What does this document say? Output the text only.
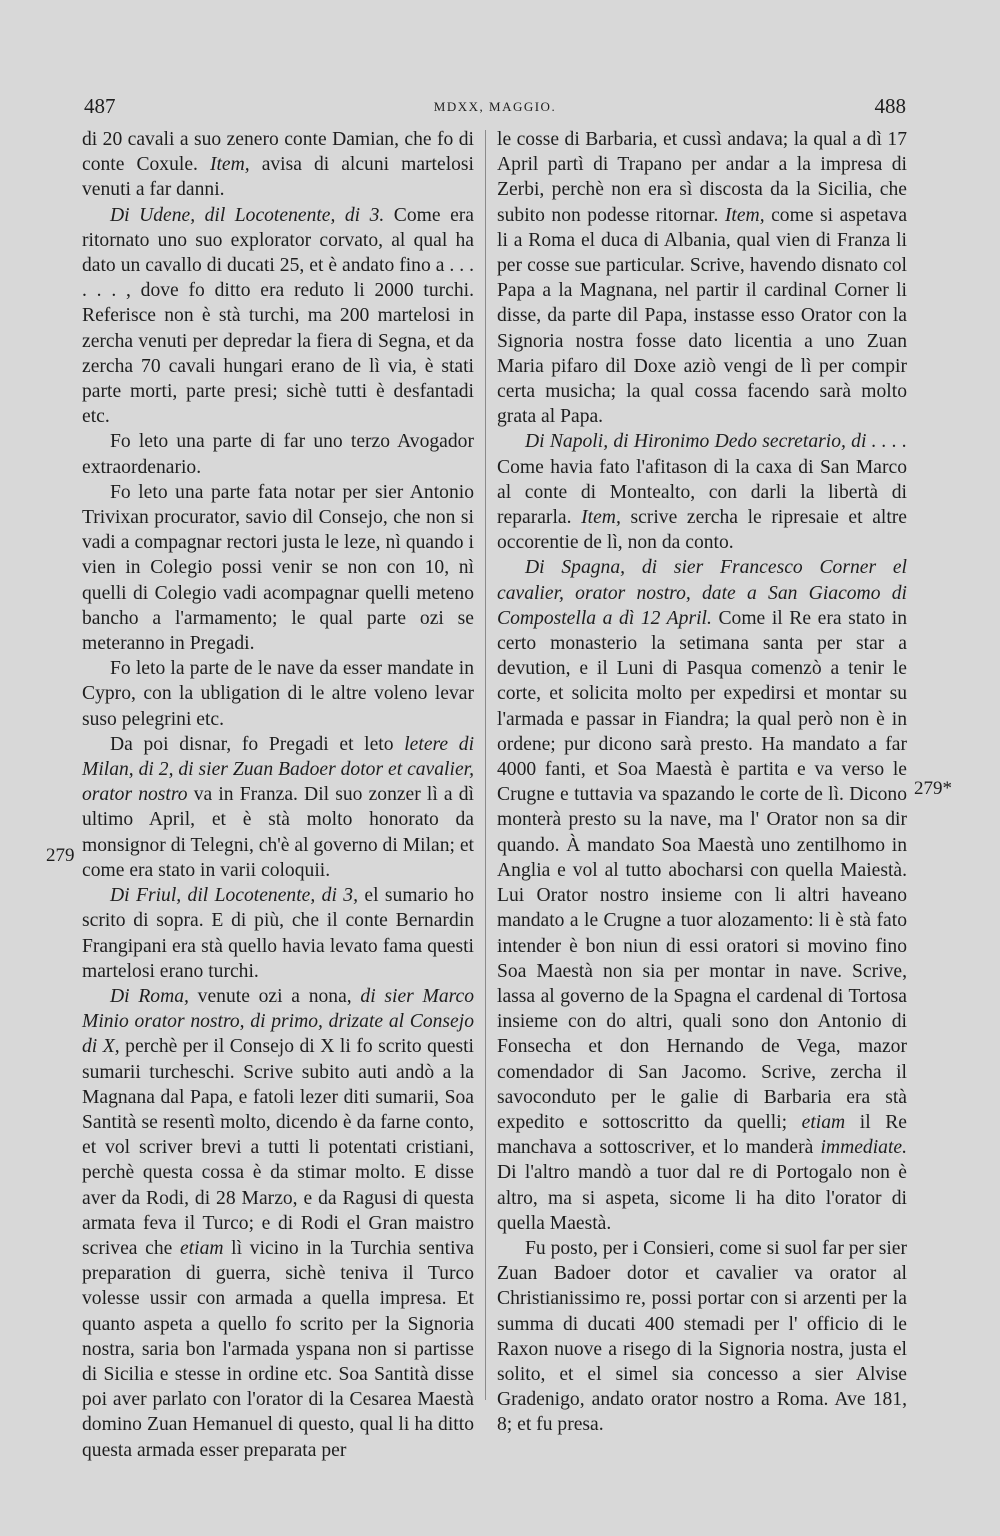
487	MDXX, MAGGIO.	488
279
279*

di 20 cavali a suo zenero conte Damian, che fo di conte Coxule. Item, avisa di alcuni martelosi venuti a far danni.

Di Udene, dil Locotenente, di 3. Come era ritornato uno suo explorator corvato, al qual ha dato un cavallo di ducati 25, et è andato fino a . . . . . . , dove fo ditto era reduto li 2000 turchi. Referisce non è stà turchi, ma 200 martelosi in zercha venuti per depredar la fiera di Segna, et da zercha 70 cavali hungari erano de lì via, è stati parte morti, parte presi; sichè tutti è desfantadi etc.

Fo leto una parte di far uno terzo Avogador extraordenario.

Fo leto una parte fata notar per sier Antonio Trivixan procurator, savio dil Consejo, che non si vadi a compagnar rectori justa le leze, nì quando i vien in Colegio possi venir se non con 10, nì quelli di Colegio vadi acompagnar quelli meteno bancho a l'armamento; le qual parte ozi se meteranno in Pregadi.

Fo leto la parte de le nave da esser mandate in Cypro, con la ubligation di le altre voleno levar suso pelegrini etc.

Da poi disnar, fo Pregadi et leto letere di Milan, di 2, di sier Zuan Badoer dotor et cavalier, orator nostro va in Franza. Dil suo zonzer lì a dì ultimo April, et è stà molto honorato da monsignor di Telegni, ch'è al governo di Milan; et come era stato in varii coloquii.

Di Friul, dil Locotenente, di 3, el sumario ho scrito di sopra. E di più, che il conte Bernardin Frangipani era stà quello havia levato fama questi martelosi erano turchi.

Di Roma, venute ozi a nona, di sier Marco Minio orator nostro, di primo, drizate al Consejo di X, perchè per il Consejo di X li fo scrito questi sumarii turcheschi. Scrive subito auti andò a la Magnana dal Papa, e fatoli lezer diti sumarii, Soa Santità se resentì molto, dicendo è da farne conto, et vol scriver brevi a tutti li potentati cristiani, perchè questa cossa è da stimar molto. E disse aver da Rodi, di 28 Marzo, e da Ragusi di questa armata feva il Turco; e di Rodi el Gran maistro scrivea che etiam lì vicino in la Turchia sentiva preparation di guerra, sichè teniva il Turco volesse ussir con armada a quella impresa. Et quanto aspeta a quello fo scrito per la Signoria nostra, saria bon l'armada yspana non si partisse di Sicilia e stesse in ordine etc. Soa Santità disse poi aver parlato con l'orator di la Cesarea Maestà domino Zuan Hemanuel di questo, qual li ha ditto questa armada esser preparata per

le cosse di Barbaria, et cussì andava; la qual a dì 17 April partì di Trapano per andar a la impresa di Zerbi, perchè non era sì discosta da la Sicilia, che subito non podesse ritornar. Item, come si aspetava li a Roma el duca di Albania, qual vien di Franza li per cosse sue particular. Scrive, havendo disnato col Papa a la Magnana, nel partir il cardinal Corner li disse, da parte dil Papa, instasse esso Orator con la Signoria nostra fosse dato licentia a uno Zuan Maria pifaro dil Doxe aziò vengi de lì per compir certa musicha; la qual cossa facendo sarà molto grata al Papa.

Di Napoli, di Hironimo Dedo secretario, di . . . . Come havia fato l'afitason di la caxa di San Marco al conte di Montealto, con darli la libertà di repararla. Item, scrive zercha le ripresaie et altre occorentie de lì, non da conto.

Di Spagna, di sier Francesco Corner el cavalier, orator nostro, date a San Giacomo di Compostella a dì 12 April. Come il Re era stato in certo monasterio la setimana santa per star a devution, e il Luni di Pasqua comenzò a tenir le corte, et solicita molto per expedirsi et montar su l'armada e passar in Fiandra; la qual però non è in ordene; pur dicono sarà presto. Ha mandato a far 4000 fanti, et Soa Maestà è partita e va verso le Crugne e tuttavia va spazando le corte de lì. Dicono monterà presto su la nave, ma l' Orator non sa dir quando. À mandato Soa Maestà uno zentilhomo in Anglia e vol al tutto abocharsi con quella Maiestà. Lui Orator nostro insieme con li altri haveano mandato a le Crugne a tuor alozamento: li è stà fato intender è bon niun di essi oratori si movino fino Soa Maestà non sia per montar in nave. Scrive, lassa al governo de la Spagna el cardenal di Tortosa insieme con do altri, quali sono don Antonio di Fonsecha et don Hernando de Vega, mazor comendador di San Jacomo. Scrive, zercha il savoconduto per le galie di Barbaria era stà expedito e sottoscritto da quelli; etiam il Re manchava a sottoscriver, et lo manderà immediate. Di l'altro mandò a tuor dal re di Portogalo non è altro, ma si aspeta, sicome li ha dito l'orator di quella Maestà.

Fu posto, per i Consieri, come si suol far per sier Zuan Badoer dotor et cavalier va orator al Christianissimo re, possi portar con si arzenti per la summa di ducati 400 stemadi per l' officio di le Raxon nuove a risego di la Signoria nostra, justa el solito, et el simel sia concesso a sier Alvise Gradenigo, andato orator nostro a Roma. Ave 181, 8; et fu presa.
